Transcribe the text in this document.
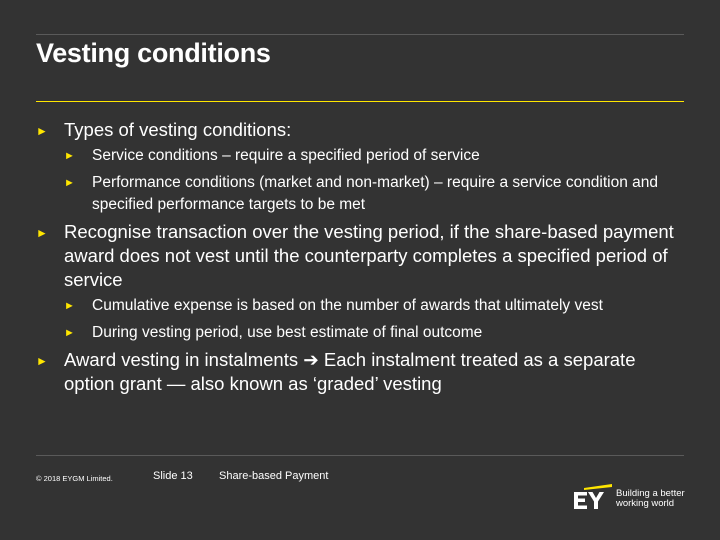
Vesting conditions
► Types of vesting conditions:
► Service conditions – require a specified period of service
► Performance conditions (market and non-market) – require a service condition and specified performance targets to be met
► Recognise transaction over the vesting period, if the share-based payment award does not vest until the counterparty completes a specified period of service
► Cumulative expense is based on the number of awards that ultimately vest
► During vesting period, use best estimate of final outcome
► Award vesting in instalments ➔ Each instalment treated as a separate option grant — also known as ‘graded’ vesting
© 2018 EYGM Limited.	Slide 13 Share-based Payment
Building a better
working world
